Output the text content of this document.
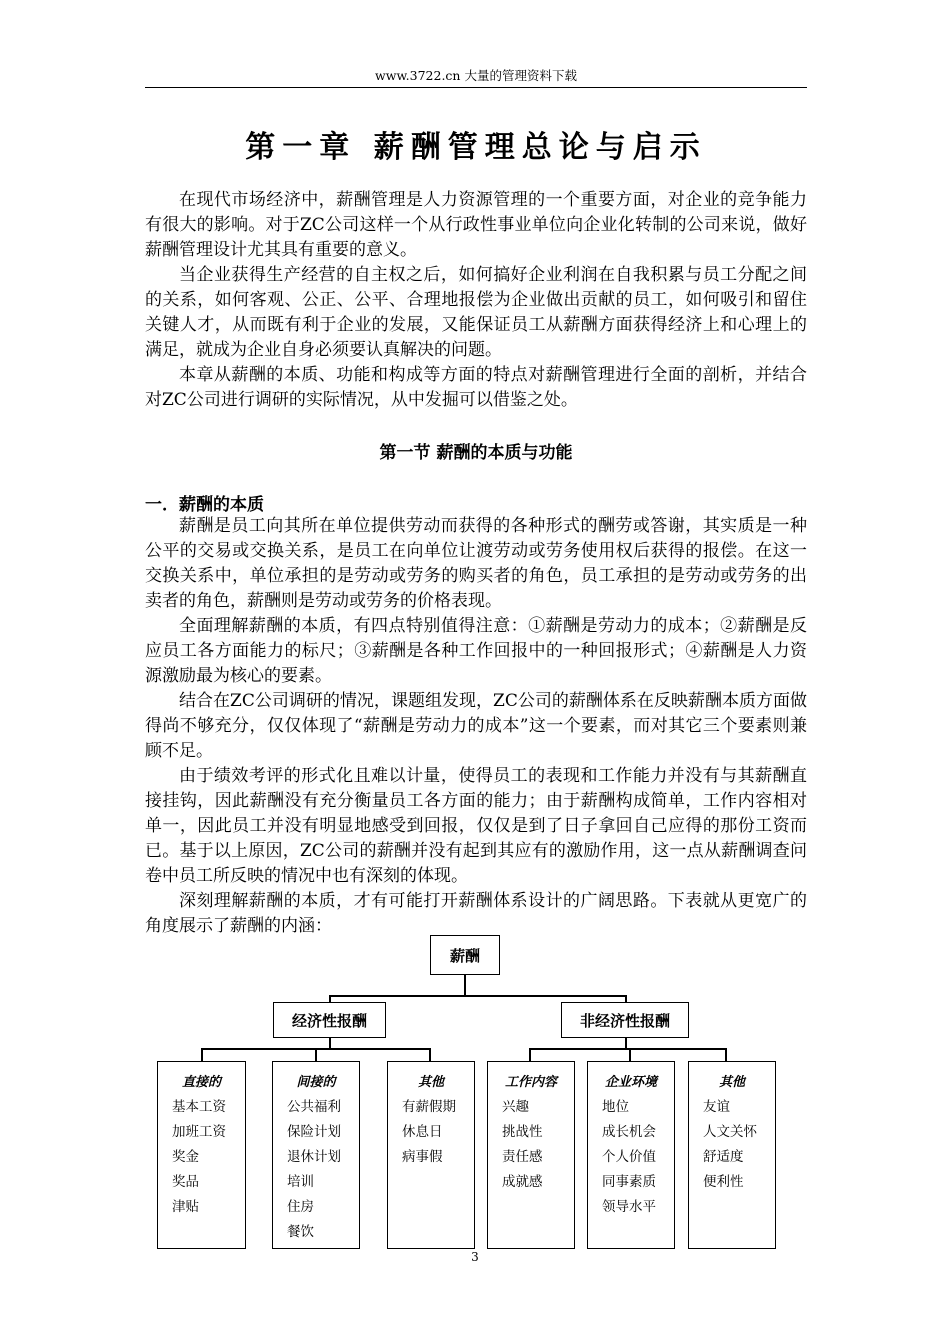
www.3722.cn 大量的管理资料下载
第一章 薪酬管理总论与启示

在现代市场经济中，薪酬管理是人力资源管理的一个重要方面，对企业的竞争能力有很大的影响。对于ZC公司这样一个从行政性事业单位向企业化转制的公司来说，做好薪酬管理设计尤其具有重要的意义。

当企业获得生产经营的自主权之后，如何搞好企业利润在自我积累与员工分配之间的关系，如何客观、公正、公平、合理地报偿为企业做出贡献的员工，如何吸引和留住关键人才，从而既有利于企业的发展，又能保证员工从薪酬方面获得经济上和心理上的满足，就成为企业自身必须要认真解决的问题。

本章从薪酬的本质、功能和构成等方面的特点对薪酬管理进行全面的剖析，并结合对ZC公司进行调研的实际情况，从中发掘可以借鉴之处。

第一节 薪酬的本质与功能
一．薪酬的本质

薪酬是员工向其所在单位提供劳动而获得的各种形式的酬劳或答谢，其实质是一种公平的交易或交换关系，是员工在向单位让渡劳动或劳务使用权后获得的报偿。在这一交换关系中，单位承担的是劳动或劳务的购买者的角色，员工承担的是劳动或劳务的出卖者的角色，薪酬则是劳动或劳务的价格表现。

全面理解薪酬的本质，有四点特别值得注意：①薪酬是劳动力的成本；②薪酬是反应员工各方面能力的标尺；③薪酬是各种工作回报中的一种回报形式；④薪酬是人力资源激励最为核心的要素。

结合在ZC公司调研的情况，课题组发现，ZC公司的薪酬体系在反映薪酬本质方面做得尚不够充分，仅仅体现了“薪酬是劳动力的成本”这一个要素，而对其它三个要素则兼顾不足。

由于绩效考评的形式化且难以计量，使得员工的表现和工作能力并没有与其薪酬直接挂钩，因此薪酬没有充分衡量员工各方面的能力；由于薪酬构成简单，工作内容相对单一，因此员工并没有明显地感受到回报，仅仅是到了日子拿回自己应得的那份工资而已。基于以上原因，ZC公司的薪酬并没有起到其应有的激励作用，这一点从薪酬调查问卷中员工所反映的情况中也有深刻的体现。

深刻理解薪酬的本质，才有可能打开薪酬体系设计的广阔思路。下表就从更宽广的角度展示了薪酬的内涵：

薪酬
经济性报酬	非经济性报酬
直接的
基本工资
加班工资
奖金
奖品
津贴
间接的
公共福利
保险计划
退休计划
培训
住房
餐饮
其他
有薪假期
休息日
病事假
工作内容
兴趣
挑战性
责任感
成就感
企业环境
地位
成长机会
个人价值
同事素质
领导水平
其他
友谊
人文关怀
舒适度
便利性
3
